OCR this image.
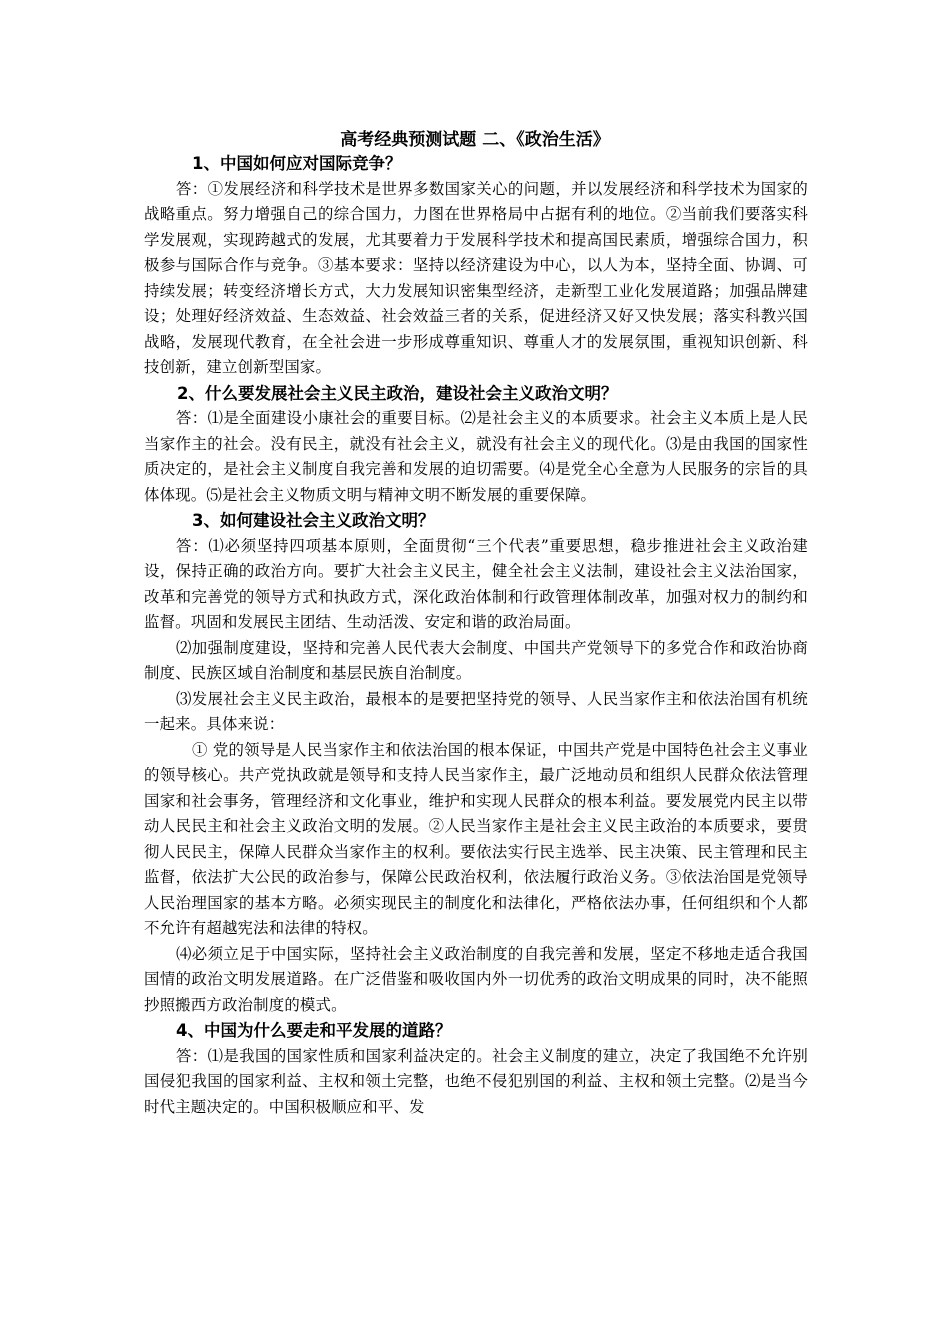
高考经典预测试题 二、《政治生活》

1、中国如何应对国际竞争？

答：①发展经济和科学技术是世界多数国家关心的问题，并以发展经济和科学技术为国家的战略重点。努力增强自己的综合国力，力图在世界格局中占据有利的地位。②当前我们要落实科学发展观，实现跨越式的发展，尤其要着力于发展科学技术和提高国民素质，增强综合国力，积极参与国际合作与竞争。③基本要求：坚持以经济建设为中心，以人为本，坚持全面、协调、可持续发展；转变经济增长方式，大力发展知识密集型经济，走新型工业化发展道路；加强品牌建设；处理好经济效益、生态效益、社会效益三者的关系，促进经济又好又快发展；落实科教兴国战略，发展现代教育，在全社会进一步形成尊重知识、尊重人才的发展氛围，重视知识创新、科技创新，建立创新型国家。

2、什么要发展社会主义民主政治，建设社会主义政治文明？

答：⑴是全面建设小康社会的重要目标。⑵是社会主义的本质要求。社会主义本质上是人民当家作主的社会。没有民主，就没有社会主义，就没有社会主义的现代化。⑶是由我国的国家性质决定的，是社会主义制度自我完善和发展的迫切需要。⑷是党全心全意为人民服务的宗旨的具体体现。⑸是社会主义物质文明与精神文明不断发展的重要保障。

3、如何建设社会主义政治文明？

答：⑴必须坚持四项基本原则，全面贯彻“三个代表”重要思想，稳步推进社会主义政治建设，保持正确的政治方向。要扩大社会主义民主，健全社会主义法制，建设社会主义法治国家， 改革和完善党的领导方式和执政方式，深化政治体制和行政管理体制改革，加强对权力的制约和监督。巩固和发展民主团结、生动活泼、安定和谐的政治局面。

⑵加强制度建设，坚持和完善人民代表大会制度、中国共产党领导下的多党合作和政治协商制度、民族区域自治制度和基层民族自治制度。

⑶发展社会主义民主政治，最根本的是要把坚持党的领导、人民当家作主和依法治国有机统一起来。具体来说：

① 党的领导是人民当家作主和依法治国的根本保证，中国共产党是中国特色社会主义事业的领导核心。共产党执政就是领导和支持人民当家作主，最广泛地动员和组织人民群众依法管理国家和社会事务，管理经济和文化事业，维护和实现人民群众的根本利益。要发展党内民主以带动人民民主和社会主义政治文明的发展。②人民当家作主是社会主义民主政治的本质要求，要贯彻人民民主，保障人民群众当家作主的权利。要依法实行民主选举、民主决策、民主管理和民主监督，依法扩大公民的政治参与，保障公民政治权利，依法履行政治义务。③依法治国是党领导人民治理国家的基本方略。必须实现民主的制度化和法律化，严格依法办事，任何组织和个人都不允许有超越宪法和法律的特权。

⑷必须立足于中国实际，坚持社会主义政治制度的自我完善和发展，坚定不移地走适合我国国情的政治文明发展道路。在广泛借鉴和吸收国内外一切优秀的政治文明成果的同时，决不能照抄照搬西方政治制度的模式。

4、中国为什么要走和平发展的道路？

答：⑴是我国的国家性质和国家利益决定的。社会主义制度的建立，决定了我国绝不允许别国侵犯我国的国家利益、主权和领土完整，也绝不侵犯别国的利益、主权和领土完整。⑵是当今时代主题决定的。中国积极顺应和平、发
